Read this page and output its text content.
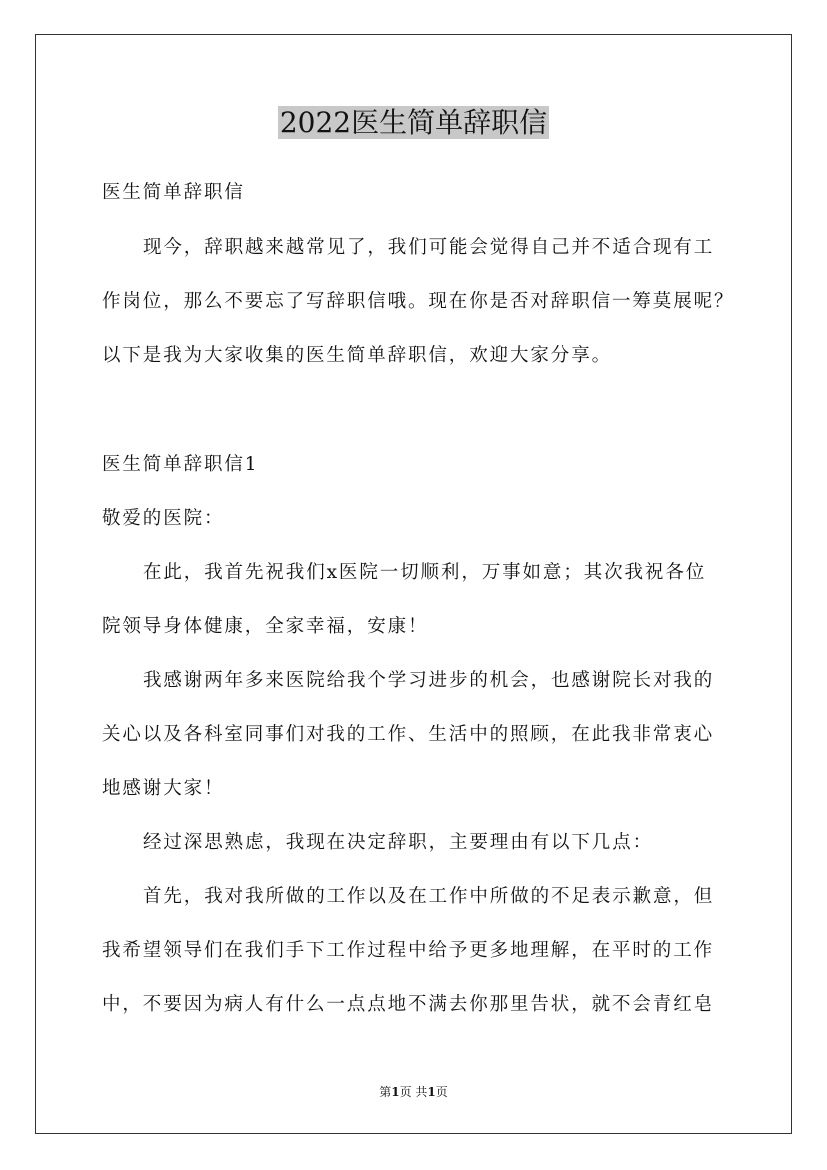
2022医生简单辞职信
医生简单辞职信
现今，辞职越来越常见了，我们可能会觉得自己并不适合现有工
作岗位，那么不要忘了写辞职信哦。现在你是否对辞职信一筹莫展呢？
以下是我为大家收集的医生简单辞职信，欢迎大家分享。
医生简单辞职信1
敬爱的医院：
在此，我首先祝我们x医院一切顺利，万事如意；其次我祝各位
院领导身体健康，全家幸福，安康！
我感谢两年多来医院给我个学习进步的机会，也感谢院长对我的
关心以及各科室同事们对我的工作、生活中的照顾，在此我非常衷心
地感谢大家！
经过深思熟虑，我现在决定辞职，主要理由有以下几点：
首先，我对我所做的工作以及在工作中所做的不足表示歉意，但
我希望领导们在我们手下工作过程中给予更多地理解，在平时的工作
中，不要因为病人有什么一点点地不满去你那里告状，就不会青红皂
第1页 共1页
